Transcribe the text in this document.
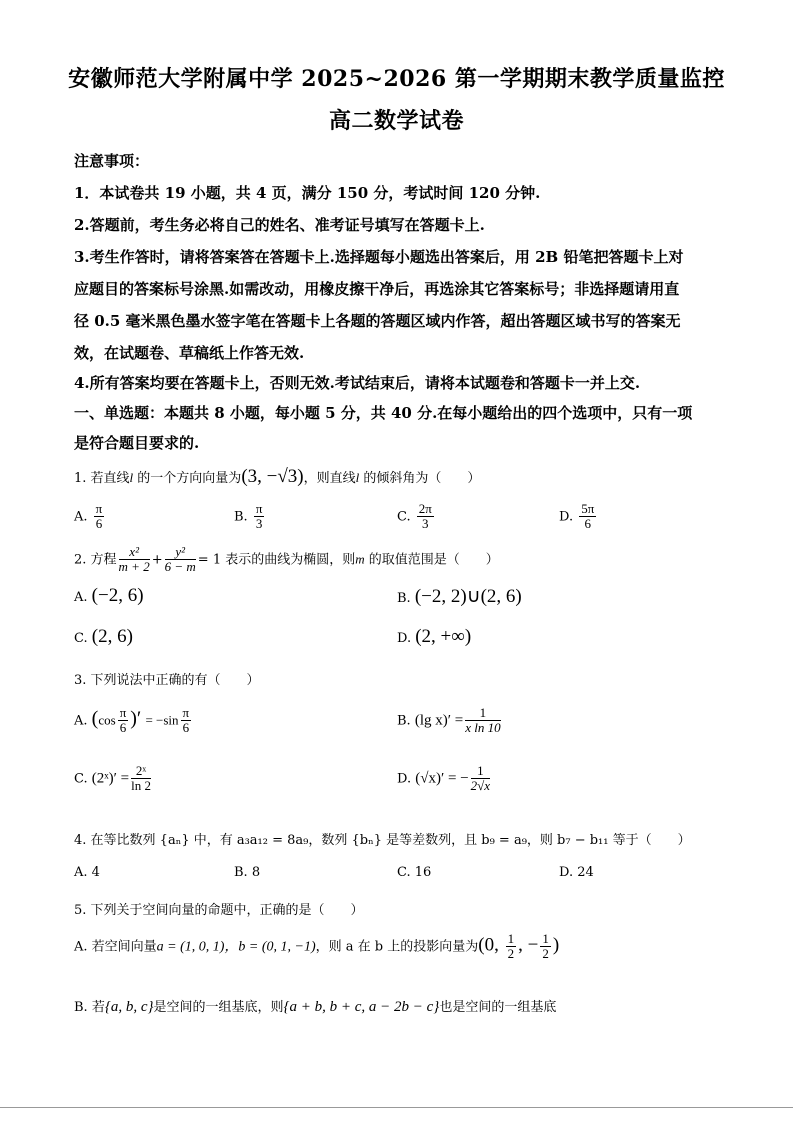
安徽师范大学附属中学 2025~2026 第一学期期末教学质量监控
高二数学试卷
注意事项：
1．本试卷共 19 小题，共 4 页，满分 150 分，考试时间 120 分钟.
2.答题前，考生务必将自己的姓名、准考证号填写在答题卡上.
3.考生作答时，请将答案答在答题卡上.选择题每小题选出答案后，用 2B 铅笔把答题卡上对
应题目的答案标号涂黑.如需改动，用橡皮擦干净后，再选涂其它答案标号；非选择题请用直
径 0.5 毫米黑色墨水签字笔在答题卡上各题的答题区域内作答，超出答题区域书写的答案无
效，在试题卷、草稿纸上作答无效.
4.所有答案均要在答题卡上，否则无效.考试结束后，请将本试题卷和答题卡一并上交.
一、单选题：本题共 8 小题，每小题 5 分，共 40 分.在每小题给出的四个选项中，只有一项
是符合题目要求的.
1. 若直线l 的一个方向向量为(3, −√3)，则直线l 的倾斜角为（　　）
A. $\frac{\pi}{6}$	B. $\frac{\pi}{3}$	C. $\frac{2\pi}{3}$	D. $\frac{5\pi}{6}$
2. 方程 $\frac{\text{x²}}{m + 2} + \frac{\text{y²}}{6 - m} = 1$ 表示的曲线为椭圆，则m 的取值范围是（　　）
A. (−2, 6)	B. (−2, 2)∪(2, 6)
C. (2, 6)	D. (2, +∞)
3. 下列说法中正确的有（　　）
A. ($\cos \frac{\pi}{6}$ )′ = $-\sin \frac{\pi}{6}$	B. (lg $x)' = \frac{1}{\text{x ln 10}}$
C. (2ˣ)′ = $\frac{\text{2ˣ}}{\ln 2}$	D. (√x)′ = − $\frac{1}{2√x}$
4. 在等比数列 {aₙ} 中，有 a₃a₁₂ = 8a₉，数列 {bₙ} 是等差数列，且 b₉ = a₉，则 b₇ − b₁₁ 等于（　　）
A. 4	B. 8	C. 16	D. 24
5. 下列关于空间向量的命题中，正确的是（　　）
A. 若空间向量a = (1, 0, 1)，b = (0, 1, −1)，则 a 在 b 上的投影向量为(0, $\frac{1}{2}$ , − $\frac{1}{2}$ )
B. 若{a, b, c}是空间的一组基底，则{a + b, b + c, a − 2b − c}也是空间的一组基底
